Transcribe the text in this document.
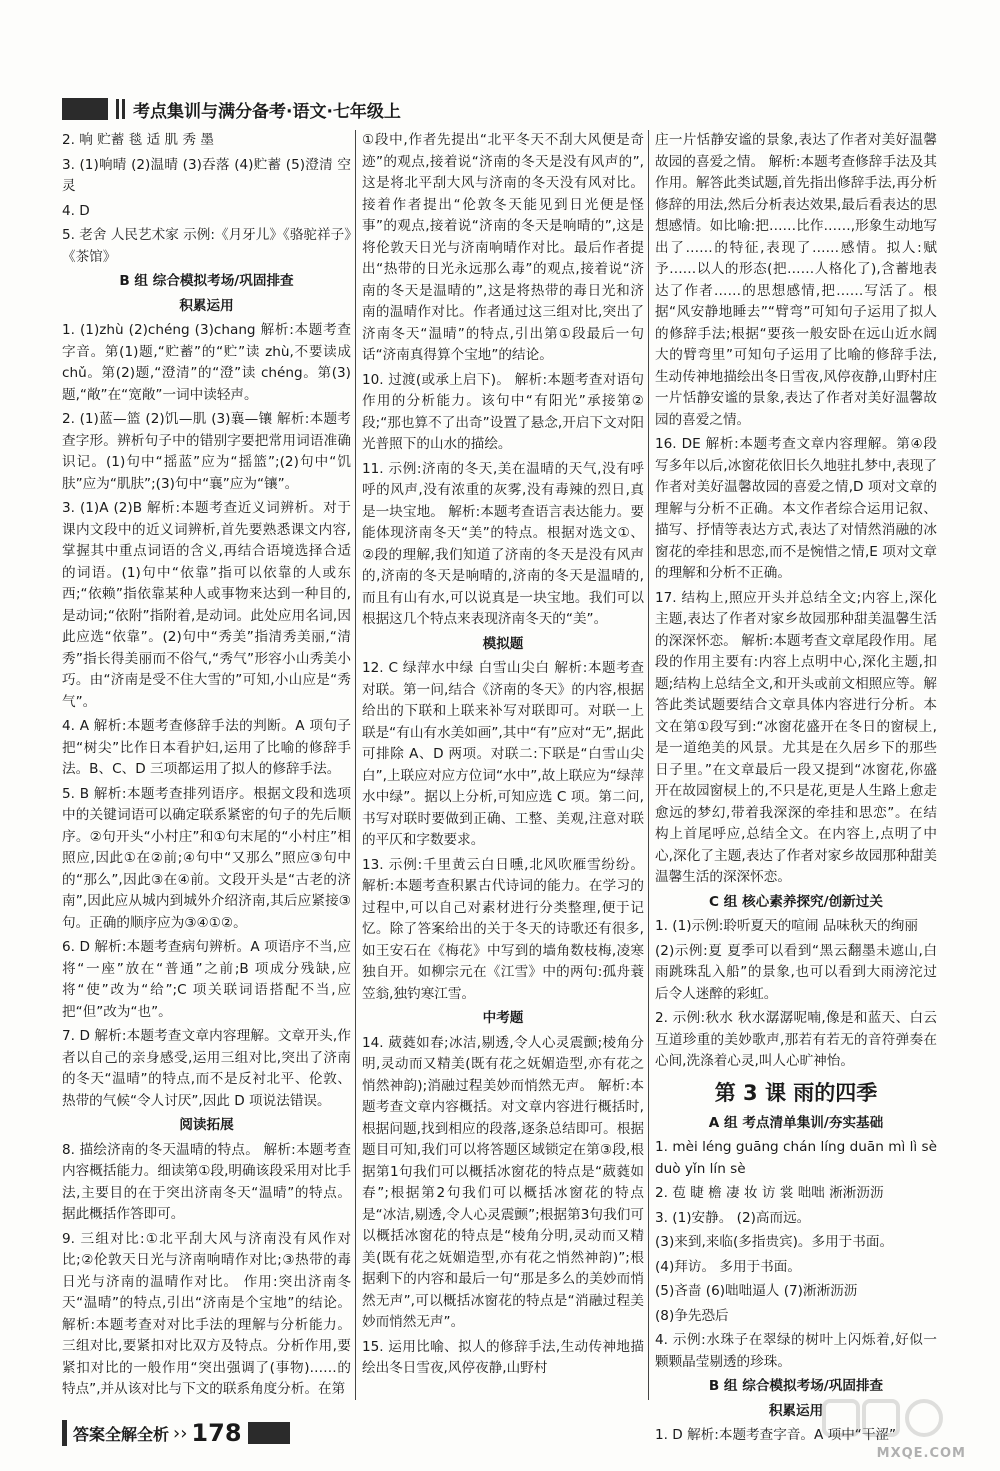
考点集训与满分备考·语文·七年级上

2. 响 贮蓄 毯 适 肌 秀 墨

3. (1)响晴 (2)温晴 (3)吞落 (4)贮蓄 (5)澄清 空灵

4. D

5. 老舍 人民艺术家 示例:《月牙儿》《骆驼祥子》《茶馆》

B 组 综合模拟考场/巩固排查

积累运用

1. (1)zhù (2)chéng (3)chang 解析:本题考查字音。第(1)题,“贮蓄”的“贮”读 zhù,不要读成 chǔ。第(2)题,“澄清”的“澄”读 chéng。第(3)题,“敞”在“宽敞”一词中读轻声。

2. (1)蓝—篮 (2)饥—肌 (3)襄—镶 解析:本题考查字形。辨析句子中的错别字要把常用词语准确识记。(1)句中“摇蓝”应为“摇篮”;(2)句中“饥肤”应为“肌肤”;(3)句中“襄”应为“镶”。

3. (1)A (2)B 解析:本题考查近义词辨析。对于课内文段中的近义词辨析,首先要熟悉课文内容,掌握其中重点词语的含义,再结合语境选择合适的词语。(1)句中“依靠”指可以依靠的人或东西;“依赖”指依靠某种人或事物来达到一种目的,是动词;“依附”指附着,是动词。此处应用名词,因此应选“依靠”。(2)句中“秀美”指清秀美丽,“清秀”指长得美丽而不俗气,“秀气”形容小山秀美小巧。由“济南是受不住大雪的”可知,小山应是“秀气”。

4. A 解析:本题考查修辞手法的判断。A 项句子把“树尖”比作日本看护妇,运用了比喻的修辞手法。B、C、D 三项都运用了拟人的修辞手法。

5. B 解析:本题考查排列语序。根据文段和选项中的关键词语可以确定联系紧密的句子的先后顺序。②句开头“小村庄”和①句末尾的“小村庄”相照应,因此①在②前;④句中“又那么”照应③句中的“那么”,因此③在④前。文段开头是“古老的济南”,因此应从城内到城外介绍济南,其后应紧接③句。正确的顺序应为③④①②。

6. D 解析:本题考查病句辨析。A 项语序不当,应将“一座”放在“普通”之前;B 项成分残缺,应将“使”改为“给”;C 项关联词语搭配不当,应把“但”改为“也”。

7. D 解析:本题考查文章内容理解。文章开头,作者以自己的亲身感受,运用三组对比,突出了济南的冬天“温晴”的特点,而不是反衬北平、伦敦、热带的气候“令人讨厌”,因此 D 项说法错误。

阅读拓展

8. 描绘济南的冬天温晴的特点。 解析:本题考查内容概括能力。细读第①段,明确该段采用对比手法,主要目的在于突出济南冬天“温晴”的特点。据此概括作答即可。

9. 三组对比:①北平刮大风与济南没有风作对比;②伦敦天日光与济南响晴作对比;③热带的毒日光与济南的温晴作对比。 作用:突出济南冬天“温晴”的特点,引出“济南是个宝地”的结论。 解析:本题考查对对比手法的理解与分析能力。三组对比,要紧扣对比双方及特点。分析作用,要紧扣对比的一般作用“突出强调了(事物)……的特点”,并从该对比与下文的联系角度分析。在第

①段中,作者先提出“北平冬天不刮大风便是奇迹”的观点,接着说“济南的冬天是没有风声的”,这是将北平刮大风与济南的冬天没有风对比。接着作者提出“伦敦冬天能见到日光便是怪事”的观点,接着说“济南的冬天是响晴的”,这是将伦敦天日光与济南响晴作对比。最后作者提出“热带的日光永远那么毒”的观点,接着说“济南的冬天是温晴的”,这是将热带的毒日光和济南的温晴作对比。作者通过这三组对比,突出了济南冬天“温晴”的特点,引出第①段最后一句话“济南真得算个宝地”的结论。

10. 过渡(或承上启下)。 解析:本题考查对语句作用的分析能力。该句中“有阳光”承接第②段;“那也算不了出奇”设置了悬念,开启下文对阳光普照下的山水的描绘。

11. 示例:济南的冬天,美在温晴的天气,没有呼呼的风声,没有浓重的灰雾,没有毒辣的烈日,真是一块宝地。 解析:本题考查语言表达能力。要能体现济南冬天“美”的特点。根据对选文①、②段的理解,我们知道了济南的冬天是没有风声的,济南的冬天是响晴的,济南的冬天是温晴的,而且有山有水,可以说真是一块宝地。我们可以根据这几个特点来表现济南冬天的“美”。

模拟题

12. C 绿萍水中绿 白雪山尖白 解析:本题考查对联。第一问,结合《济南的冬天》的内容,根据给出的下联和上联来补写对联即可。对联一上联是“有山有水美如画”,其中“有”应对“无”,据此可排除 A、D 两项。对联二:下联是“白雪山尖白”,上联应对应方位词“水中”,故上联应为“绿萍水中绿”。据以上分析,可知应选 C 项。第二问,书写对联时要做到正确、工整、美观,注意对联的平仄和字数要求。

13. 示例:千里黄云白日曛,北风吹雁雪纷纷。 解析:本题考查积累古代诗词的能力。在学习的过程中,可以自己对素材进行分类整理,便于记忆。除了答案给出的关于冬天的诗歌还有很多,如王安石在《梅花》中写到的墙角数枝梅,凌寒独自开。如柳宗元在《江雪》中的两句:孤舟蓑笠翁,独钓寒江雪。

中考题

14. 葳蕤如春;冰洁,剔透,令人心灵震颤;棱角分明,灵动而又精美(既有花之妩媚造型,亦有花之悄然神韵);消融过程美妙而悄然无声。 解析:本题考查文章内容概括。对文章内容进行概括时,根据问题,找到相应的段落,逐条总结即可。根据题目可知,我们可以将答题区域锁定在第③段,根据第1句我们可以概括冰窗花的特点是“葳蕤如春”;根据第2句我们可以概括冰窗花的特点是“冰洁,剔透,令人心灵震颤”;根据第3句我们可以概括冰窗花的特点是“棱角分明,灵动而又精美(既有花之妩媚造型,亦有花之悄然神韵)”;根据剩下的内容和最后一句“那是多么的美妙而悄然无声”,可以概括冰窗花的特点是“消融过程美妙而悄然无声”。

15. 运用比喻、拟人的修辞手法,生动传神地描绘出冬日雪夜,风停夜静,山野村

庄一片恬静安谧的景象,表达了作者对美好温馨故园的喜爱之情。 解析:本题考查修辞手法及其作用。解答此类试题,首先指出修辞手法,再分析修辞的用法,然后分析表达效果,最后看表达的思想感情。如比喻:把……比作……,形象生动地写出了……的特征,表现了……感情。拟人:赋予……以人的形态(把……人格化了),含蓄地表达了作者……的思想感情,把……写活了。根据“风安静地睡去”“臂弯”可知句子运用了拟人的修辞手法;根据“要孩一般安卧在远山近水阔大的臂弯里”可知句子运用了比喻的修辞手法,生动传神地描绘出冬日雪夜,风停夜静,山野村庄一片恬静安谧的景象,表达了作者对美好温馨故园的喜爱之情。

16. DE 解析:本题考查文章内容理解。第④段写多年以后,冰窗花依旧长久地驻扎梦中,表现了作者对美好温馨故园的喜爱之情,D 项对文章的理解与分析不正确。本文作者综合运用记叙、描写、抒情等表达方式,表达了对情然消融的冰窗花的牵挂和思恋,而不是惋惜之情,E 项对文章的理解和分析不正确。

17. 结构上,照应开头并总结全文;内容上,深化主题,表达了作者对家乡故园那种甜美温馨生活的深深怀恋。 解析:本题考查文章尾段作用。尾段的作用主要有:内容上点明中心,深化主题,扣题;结构上总结全文,和开头或前文相照应等。解答此类试题要结合文章具体内容进行分析。本文在第①段写到:“冰窗花盛开在冬日的窗棂上,是一道绝美的风景。尤其是在久居乡下的那些日子里。”在文章最后一段又提到“冰窗花,你盛开在故园窗棂上的,不只是花,更是人生路上愈走愈远的梦幻,带着我深深的牵挂和思恋”。在结构上首尾呼应,总结全文。在内容上,点明了中心,深化了主题,表达了作者对家乡故园那种甜美温馨生活的深深怀恋。

C 组 核心素养探究/创新过关

1. (1)示例:聆听夏天的喧闹 品味秋天的绚丽

(2)示例:夏 夏季可以看到“黑云翻墨未遮山,白雨跳珠乱入船”的景象,也可以看到大雨滂沱过后令人迷醉的彩虹。

2. 示例:秋水 秋水潺潺呢喃,像是和蓝天、白云互道珍重的美妙歌声,那若有若无的音符弹奏在心间,洗涤着心灵,叫人心旷神怡。

第 3 课 雨的四季

A 组 考点清单集训/夯实基础

1. mèi léng guāng chán líng duān mì lì sè duò yǐn lín sè

2. 苞 睫 檐 凄 妆 访 裳 咄咄 淅淅沥沥

3. (1)安静。 (2)高而远。

(3)来到,来临(多指贵宾)。多用于书面。

(4)拜访。 多用于书面。

(5)吝啬 (6)咄咄逼人 (7)淅淅沥沥

(8)争先恐后

4. 示例:水珠子在翠绿的树叶上闪烁着,好似一颗颗晶莹剔透的珍珠。

B 组 综合模拟考场/巩固排查

积累运用

1. D 解析:本题考查字音。A 项中“干涩”

答案全解全析 ›› 178
MXQE.COM
